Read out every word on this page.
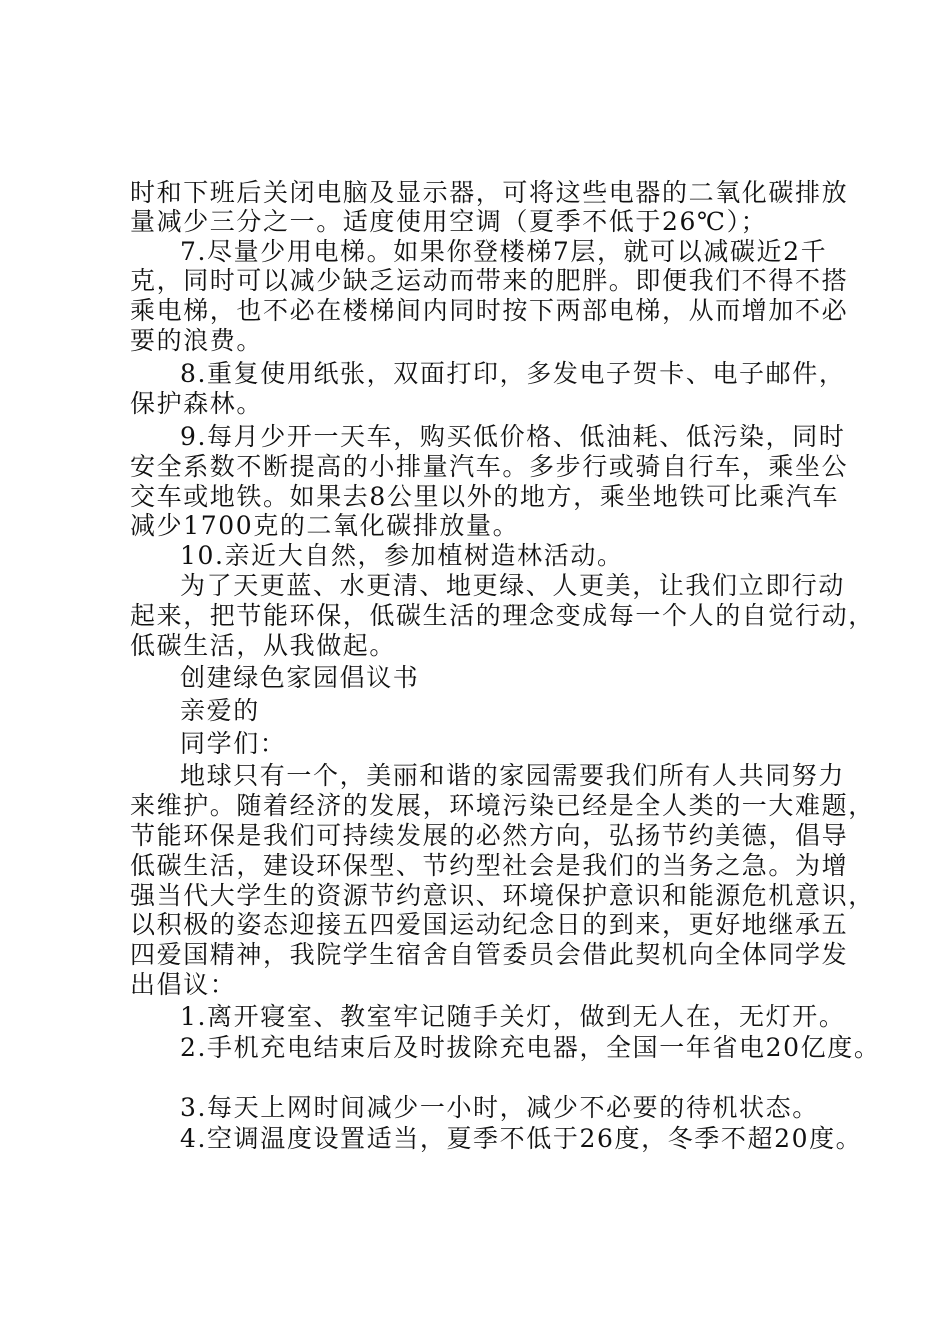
时和下班后关闭电脑及显示器，可将这些电器的二氧化碳排放
量减少三分之一。适度使用空调（夏季不低于26℃）；
7.尽量少用电梯。如果你登楼梯7层，就可以减碳近2千
克，同时可以减少缺乏运动而带来的肥胖。即便我们不得不搭
乘电梯，也不必在楼梯间内同时按下两部电梯，从而增加不必
要的浪费。
8.重复使用纸张，双面打印，多发电子贺卡、电子邮件，
保护森林。
9.每月少开一天车，购买低价格、低油耗、低污染，同时
安全系数不断提高的小排量汽车。多步行或骑自行车，乘坐公
交车或地铁。如果去8公里以外的地方，乘坐地铁可比乘汽车
减少1700克的二氧化碳排放量。
10.亲近大自然，参加植树造林活动。
为了天更蓝、水更清、地更绿、人更美，让我们立即行动
起来，把节能环保，低碳生活的理念变成每一个人的自觉行动，
低碳生活，从我做起。
创建绿色家园倡议书
亲爱的
同学们：
地球只有一个，美丽和谐的家园需要我们所有人共同努力
来维护。随着经济的发展，环境污染已经是全人类的一大难题，
节能环保是我们可持续发展的必然方向，弘扬节约美德，倡导
低碳生活，建设环保型、节约型社会是我们的当务之急。为增
强当代大学生的资源节约意识、环境保护意识和能源危机意识，
以积极的姿态迎接五四爱国运动纪念日的到来，更好地继承五
四爱国精神，我院学生宿舍自管委员会借此契机向全体同学发
出倡议：
1.离开寝室、教室牢记随手关灯，做到无人在，无灯开。
2.手机充电结束后及时拔除充电器，全国一年省电20亿度。
3.每天上网时间减少一小时，减少不必要的待机状态。
4.空调温度设置适当，夏季不低于26度，冬季不超20度。
